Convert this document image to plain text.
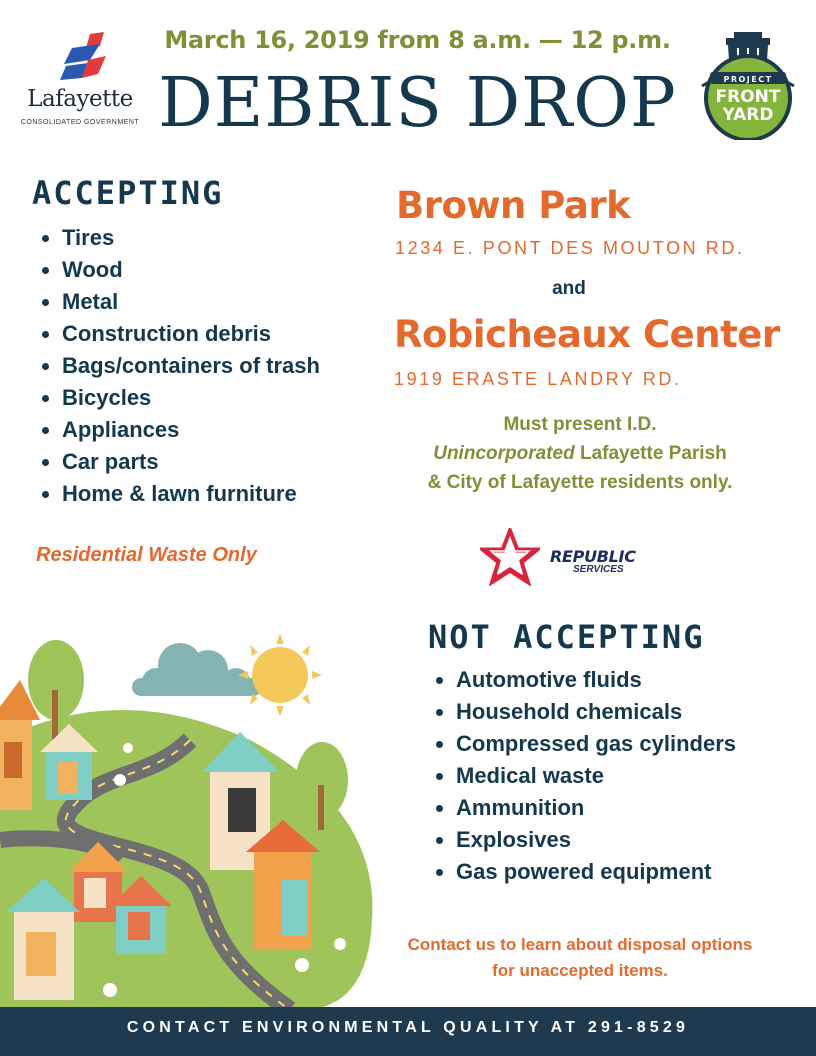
Lafayette
CONSOLIDATED GOVERNMENT
March 16, 2019 from 8 a.m. — 12 p.m.
DEBRIS DROP	PROJECT
FRONT
YARD
ACCEPTING
• Tires
• Wood
• Metal
• Construction debris
• Bags/containers of trash
• Bicycles
• Appliances
• Car parts
• Home & lawn furniture
Residential Waste Only
Brown Park
1234 E. PONT DES MOUTON RD.
and
Robicheaux Center
1919 ERASTE LANDRY RD.
Must present I.D.
Unincorporated Lafayette Parish
& City of Lafayette residents only.
REPUBLIC
SERVICES
NOT ACCEPTING
• Automotive fluids
• Household chemicals
• Compressed gas cylinders
• Medical waste
• Ammunition
• Explosives
• Gas powered equipment
Contact us to learn about disposal options for unaccepted items.
CONTACT ENVIRONMENTAL QUALITY AT 291-8529
